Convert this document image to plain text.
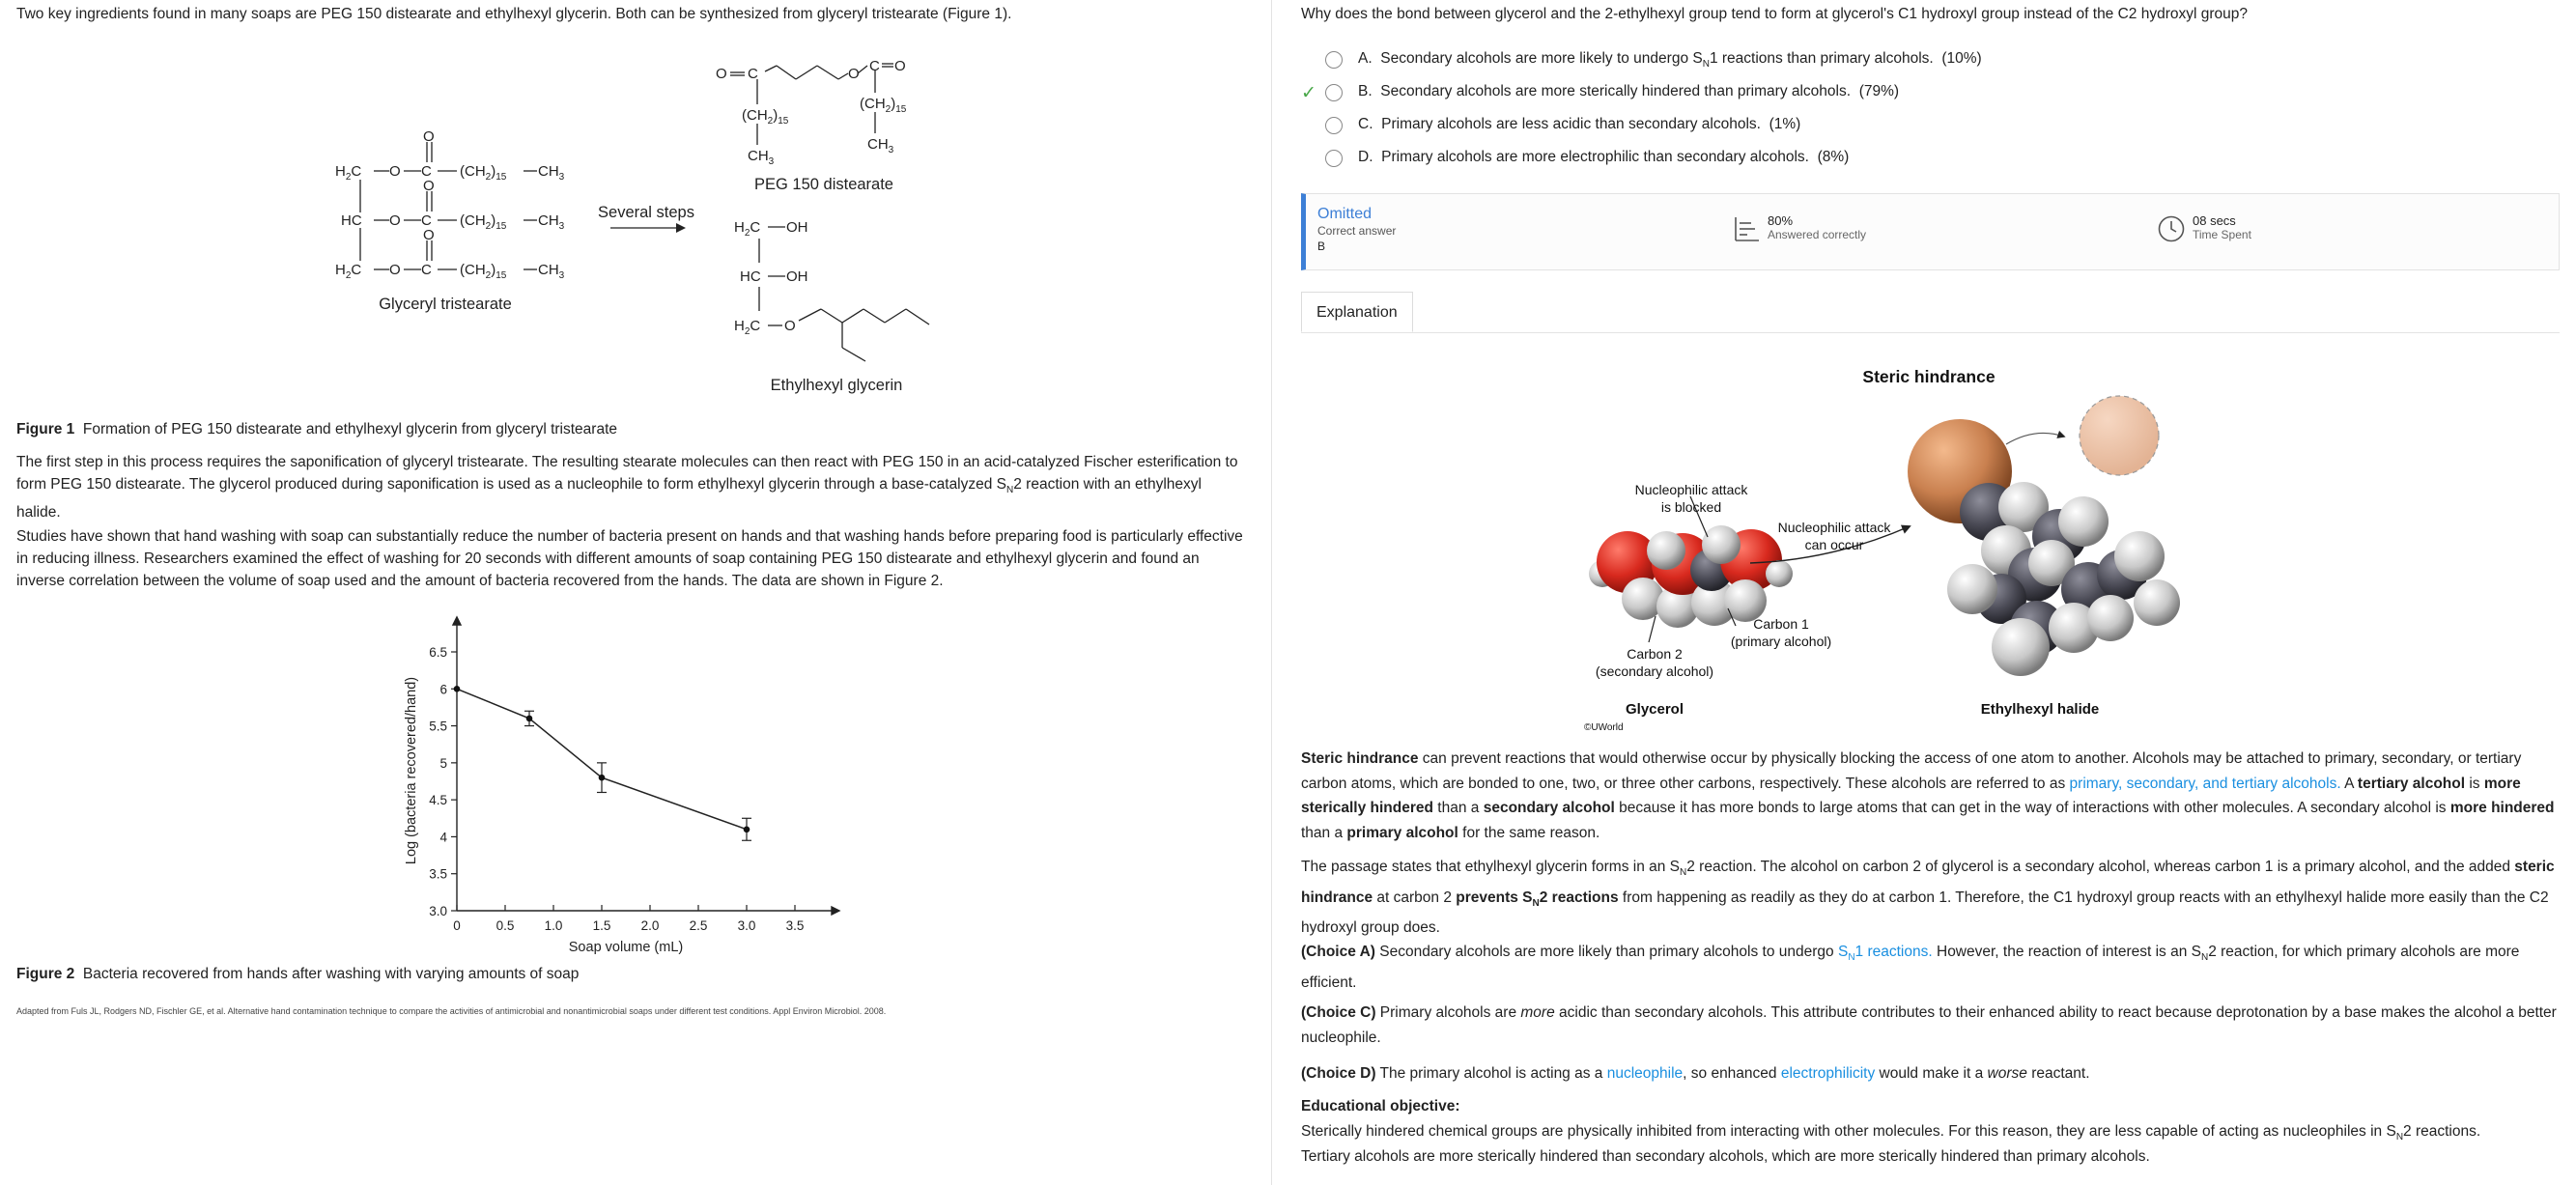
Two key ingredients found in many soaps are PEG 150 distearate and ethylhexyl glycerin. Both can be synthesized from glyceryl tristearate (Figure 1).

$H_2C$ O C
O
$(CH_2)_{15}$ $CH_3$
HC O C
O
$(CH_2)_{15}$ $CH_3$
$H_2C$ O C
O
$(CH_2)_{15}$ $CH_3$
O C	O C O
$(CH_2)_{15}$
$(CH_2)_{15}$
$CH_3$
$CH_3$
$H_2C$ OH
HC OH
$H_2C$ O
Glyceryl tristearate
Several steps
PEG 150 distearate
Ethylhexyl glycerin

Figure 1 Formation of PEG 150 distearate and ethylhexyl glycerin from glyceryl tristearate

The first step in this process requires the saponification of glyceryl tristearate. The resulting stearate molecules can then react with PEG 150 in an acid-catalyzed Fischer esterification to form PEG 150 distearate. The glycerol produced during saponification is used as a nucleophile to form ethylhexyl glycerin through a base-catalyzed $S_N2$ reaction with an ethylhexyl halide.

Studies have shown that hand washing with soap can substantially reduce the number of bacteria present on hands and that washing hands before preparing food is particularly effective in reducing illness. Researchers examined the effect of washing for 20 seconds with different amounts of soap containing PEG 150 distearate and ethylhexyl glycerin and found an inverse correlation between the volume of soap used and the amount of bacteria recovered from the hands. The data are shown in Figure 2.

0	0.5 1.0 1.5 2.0 2.5 3.0 3.5
3.0
3.5
4
4.5
5
5.5
6
6.5
Soap volume (mL)
Log (bacteria recovered/hand)

Figure 2 Bacteria recovered from hands after washing with varying amounts of soap

Adapted from Fuls JL, Rodgers ND, Fischler GE, et al. Alternative hand contamination technique to compare the activities of antimicrobial and nonantimicrobial soaps under different test conditions. Appl Environ Microbiol. 2008.

Why does the bond between glycerol and the 2-ethylhexyl group tend to form at glycerol's C1 hydroxyl group instead of the C2 hydroxyl group?

A. Secondary alcohols are more likely to undergo $S_N1$ reactions than primary alcohols. (10%)
✓	B. Secondary alcohols are more sterically hindered than primary alcohols. (79%)
C. Primary alcohols are less acidic than secondary alcohols. (1%)
D. Primary alcohols are more electrophilic than secondary alcohols. (8%)
Omitted
Correct answer
B
80%
Answered correctly
08 secs
Time Spent
Explanation
Steric hindrance
Nucleophilic attack
is blocked
Nucleophilic attack
can occur
Carbon 1
(primary alcohol)
Carbon 2
(secondary alcohol)
Glycerol	Ethylhexyl halide
©UWorld

Steric hindrance can prevent reactions that would otherwise occur by physically blocking the access of one atom to another. Alcohols may be attached to primary, secondary, or tertiary carbon atoms, which are bonded to one, two, or three other carbons, respectively. These alcohols are referred to as primary, secondary, and tertiary alcohols. A tertiary alcohol is more sterically hindered than a secondary alcohol because it has more bonds to large atoms that can get in the way of interactions with other molecules. A secondary alcohol is more hindered than a primary alcohol for the same reason.

The passage states that ethylhexyl glycerin forms in an $S_N2$ reaction. The alcohol on carbon 2 of glycerol is a secondary alcohol, whereas carbon 1 is a primary alcohol, and the added steric hindrance at carbon 2 prevents $S_N2$ reactions from happening as readily as they do at carbon 1. Therefore, the C1 hydroxyl group reacts with an ethylhexyl halide more easily than the C2 hydroxyl group does.

(Choice A) Secondary alcohols are more likely than primary alcohols to undergo $S_N1$ reactions. However, the reaction of interest is an $S_N2$ reaction, for which primary alcohols are more efficient.

(Choice C) Primary alcohols are more acidic than secondary alcohols. This attribute contributes to their enhanced ability to react because deprotonation by a base makes the alcohol a better nucleophile.

(Choice D) The primary alcohol is acting as a nucleophile, so enhanced electrophilicity would make it a worse reactant.

Educational objective:

Sterically hindered chemical groups are physically inhibited from interacting with other molecules. For this reason, they are less capable of acting as nucleophiles in $S_N2$ reactions.

Tertiary alcohols are more sterically hindered than secondary alcohols, which are more sterically hindered than primary alcohols.
